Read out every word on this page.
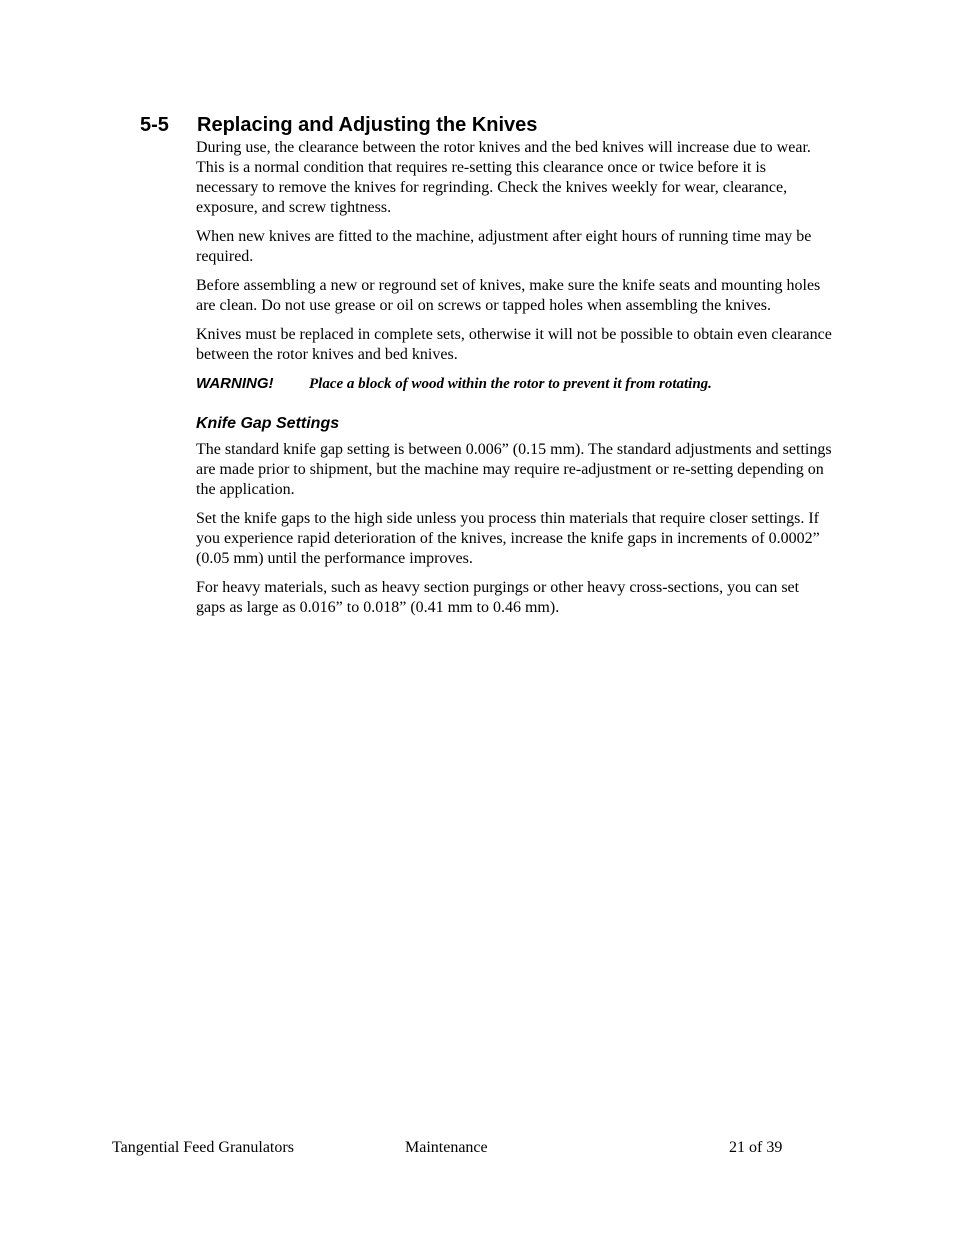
5-5 Replacing and Adjusting the Knives

During use, the clearance between the rotor knives and the bed knives will increase due to wear. This is a normal condition that requires re-setting this clearance once or twice before it is necessary to remove the knives for regrinding. Check the knives weekly for wear, clearance, exposure, and screw tightness.

When new knives are fitted to the machine, adjustment after eight hours of running time may be required.

Before assembling a new or reground set of knives, make sure the knife seats and mounting holes are clean. Do not use grease or oil on screws or tapped holes when assembling the knives.

Knives must be replaced in complete sets, otherwise it will not be possible to obtain even clearance between the rotor knives and bed knives.

WARNING! Place a block of wood within the rotor to prevent it from rotating.
Knife Gap Settings

The standard knife gap setting is between 0.006” (0.15 mm). The standard adjustments and settings are made prior to shipment, but the machine may require re-adjustment or re-setting depending on the application.

Set the knife gaps to the high side unless you process thin materials that require closer settings. If you experience rapid deterioration of the knives, increase the knife gaps in increments of 0.0002” (0.05 mm) until the performance improves.

For heavy materials, such as heavy section purgings or other heavy cross-sections, you can set gaps as large as 0.016” to 0.018” (0.41 mm to 0.46 mm).

Tangential Feed Granulators	Maintenance	21 of 39
